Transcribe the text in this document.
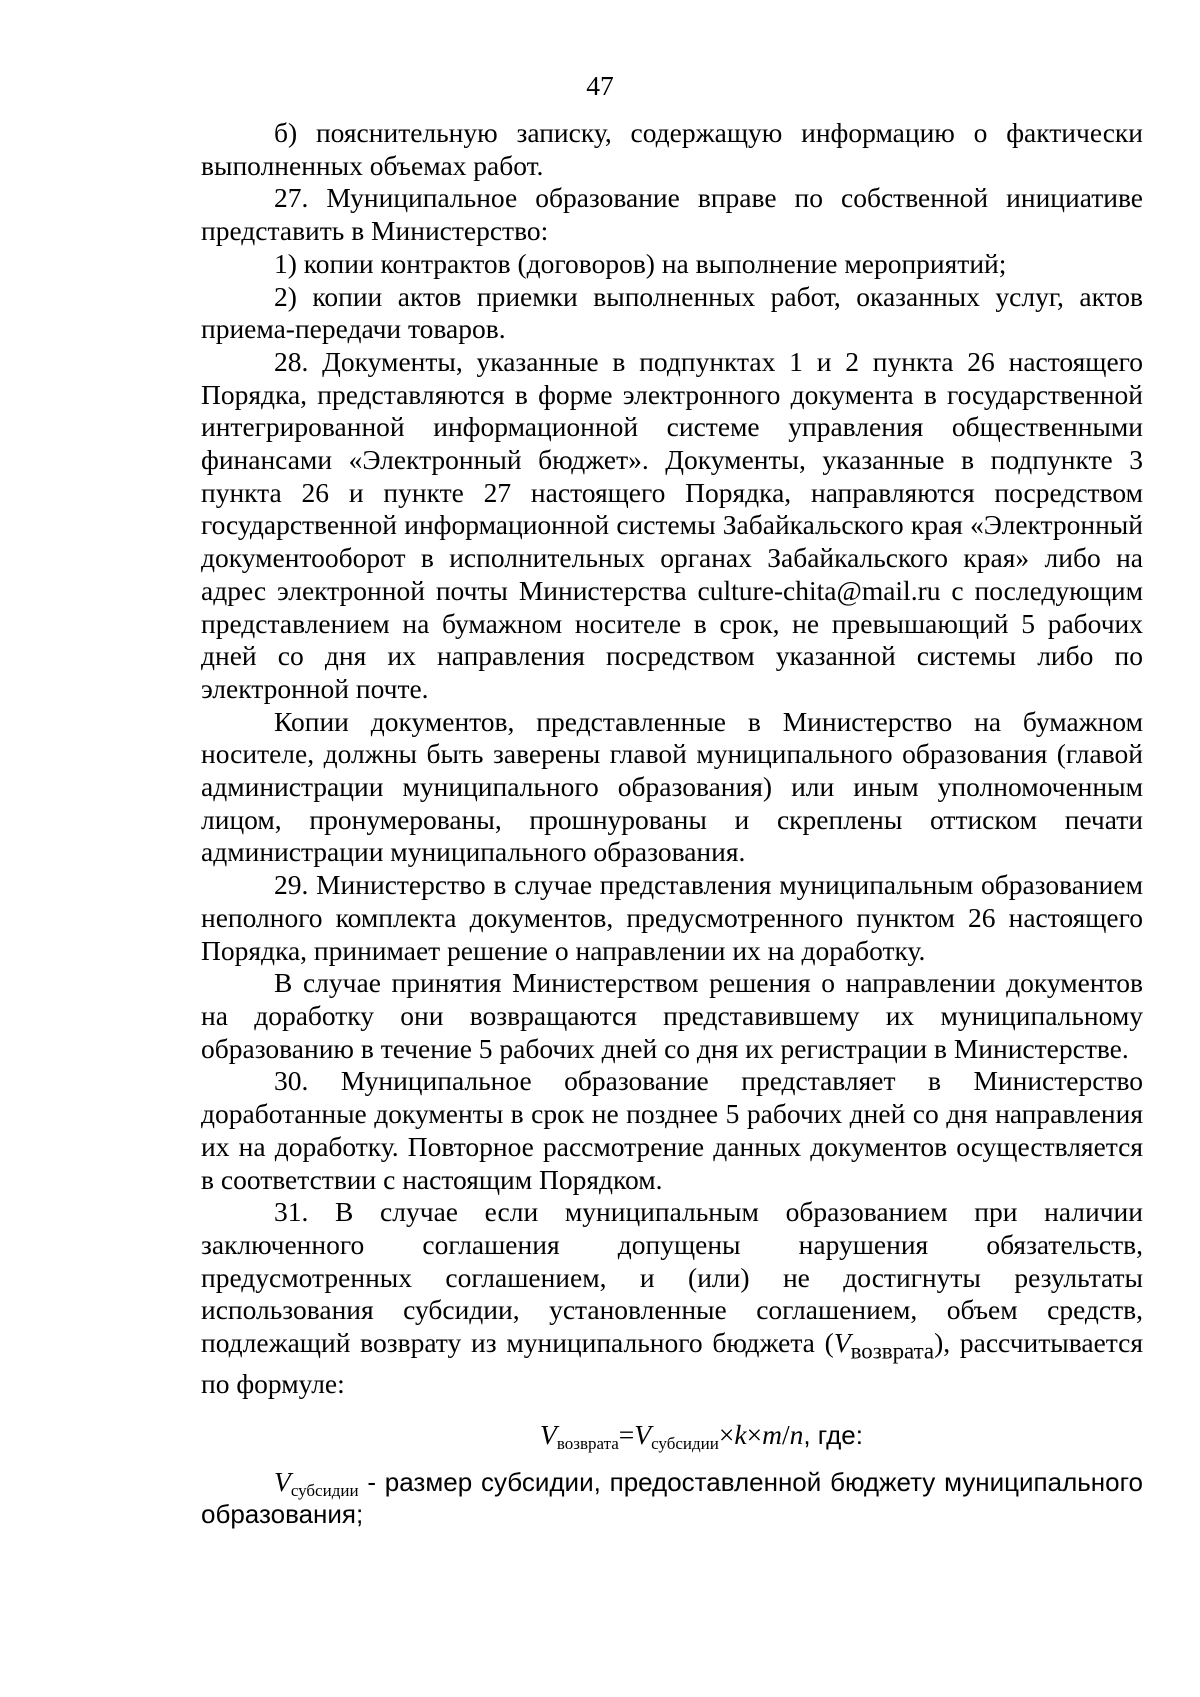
47

б) пояснительную записку, содержащую информацию о фактически выполненных объемах работ.

27. Муниципальное образование вправе по собственной инициативе представить в Министерство:

1) копии контрактов (договоров) на выполнение мероприятий;

2) копии актов приемки выполненных работ, оказанных услуг, актов приема-передачи товаров.

28. Документы, указанные в подпунктах 1 и 2 пункта 26 настоящего Порядка, представляются в форме электронного документа в государственной интегрированной информационной системе управления общественными финансами «Электронный бюджет». Документы, указанные в подпункте 3 пункта 26 и пункте 27 настоящего Порядка, направляются посредством государственной информационной системы Забайкальского края «Электронный документооборот в исполнительных органах Забайкальского края» либо на адрес электронной почты Министерства culture-chita@mail.ru с последующим представлением на бумажном носителе в срок, не превышающий 5 рабочих дней со дня их направления посредством указанной системы либо по электронной почте.

Копии документов, представленные в Министерство на бумажном носителе, должны быть заверены главой муниципального образования (главой администрации муниципального образования) или иным уполномоченным лицом, пронумерованы, прошнурованы и скреплены оттиском печати администрации муниципального образования.

29. Министерство в случае представления муниципальным образованием неполного комплекта документов, предусмотренного пунктом 26 настоящего Порядка, принимает решение о направлении их на доработку.

В случае принятия Министерством решения о направлении документов на доработку они возвращаются представившему их муниципальному образованию в течение 5 рабочих дней со дня их регистрации в Министерстве.

30. Муниципальное образование представляет в Министерство доработанные документы в срок не позднее 5 рабочих дней со дня направления их на доработку. Повторное рассмотрение данных документов осуществляется в соответствии с настоящим Порядком.

31. В случае если муниципальным образованием при наличии заключенного соглашения допущены нарушения обязательств, предусмотренных соглашением, и (или) не достигнуты результаты использования субсидии, установленные соглашением, объем средств, подлежащий возврату из муниципального бюджета $(V_{возврата})$, рассчитывается по формуле:

$V_{возврата}=V_{субсидии}\times k\times m/n$, где:

$V_{субсидии}$ - размер субсидии, предоставленной бюджету муниципального образования;
